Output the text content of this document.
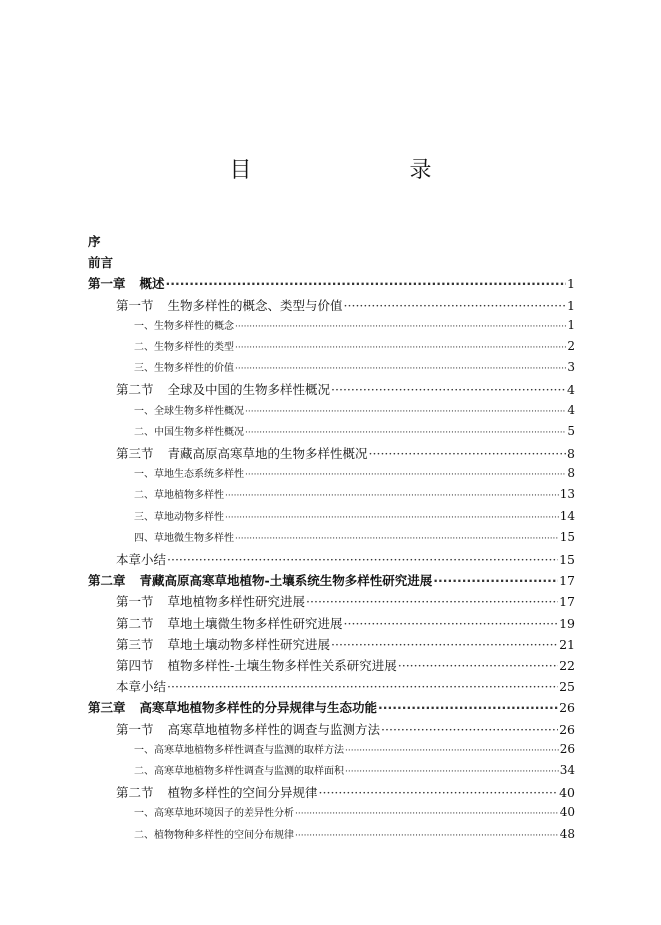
目　　录
序
前言
第一章 概述 ·····	1
第一节 生物多样性的概念、类型与价值 ·····	1
一、生物多样性的概念 ·····	1
二、生物多样性的类型 ·····	2
三、生物多样性的价值 ·····	3
第二节 全球及中国的生物多样性概况 ·····	4
一、全球生物多样性概况 ·····	4
二、中国生物多样性概况 ·····	5
第三节 青藏高原高寒草地的生物多样性概况 ·····	8
一、草地生态系统多样性 ·····	8
二、草地植物多样性 ·····	13
三、草地动物多样性 ·····	14
四、草地微生物多样性 ·····	15
本章小结 ·····	15
第二章 青藏高原高寒草地植物-土壤系统生物多样性研究进展 ·····	17
第一节 草地植物多样性研究进展 ·····	17
第二节 草地土壤微生物多样性研究进展 ·····	19
第三节 草地土壤动物多样性研究进展 ·····	21
第四节 植物多样性-土壤生物多样性关系研究进展 ·····	22
本章小结 ·····	25
第三章 高寒草地植物多样性的分异规律与生态功能 ·····	26
第一节 高寒草地植物多样性的调查与监测方法 ·····	26
一、高寒草地植物多样性调查与监测的取样方法 ·····	26
二、高寒草地植物多样性调查与监测的取样面积 ·····	34
第二节 植物多样性的空间分异规律 ·····	40
一、高寒草地环境因子的差异性分析 ·····	40
二、植物物种多样性的空间分布规律 ·····	48
